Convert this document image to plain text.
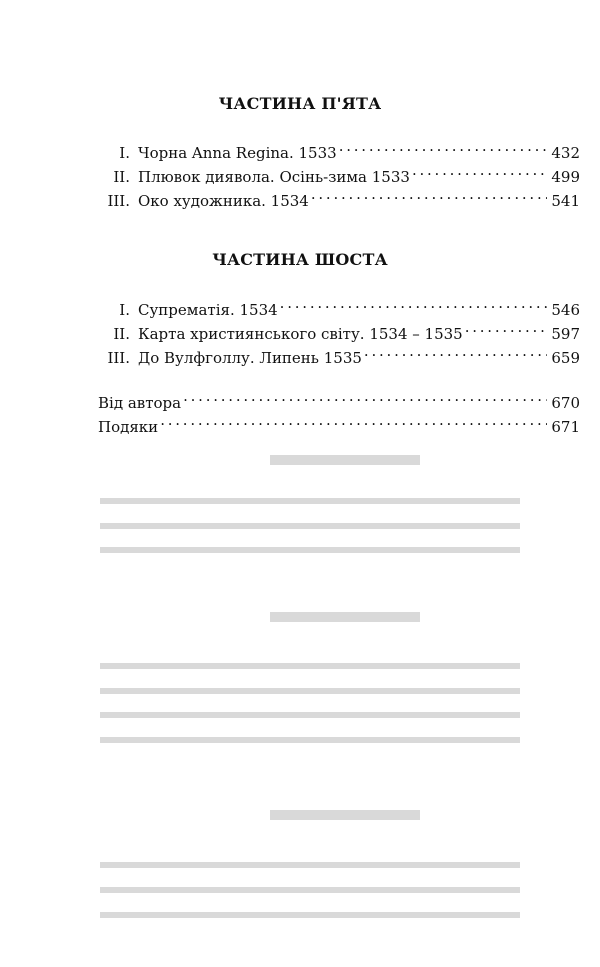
ЧАСТИНА П'ЯТА
I. Чорна Anna Regina. 1533 . . .	432
II. Плювок диявола. Осінь-зима 1533 . . .	499
III. Око художника. 1534 . . .	541
ЧАСТИНА ШОСТА
I. Супрематія. 1534 . . .	546
II. Карта християнського світу. 1534 – 1535 . . .	597
III. До Вулфголлу. Липень 1535 . . .	659
Від автора . . .	670
Подяки . . .	671
